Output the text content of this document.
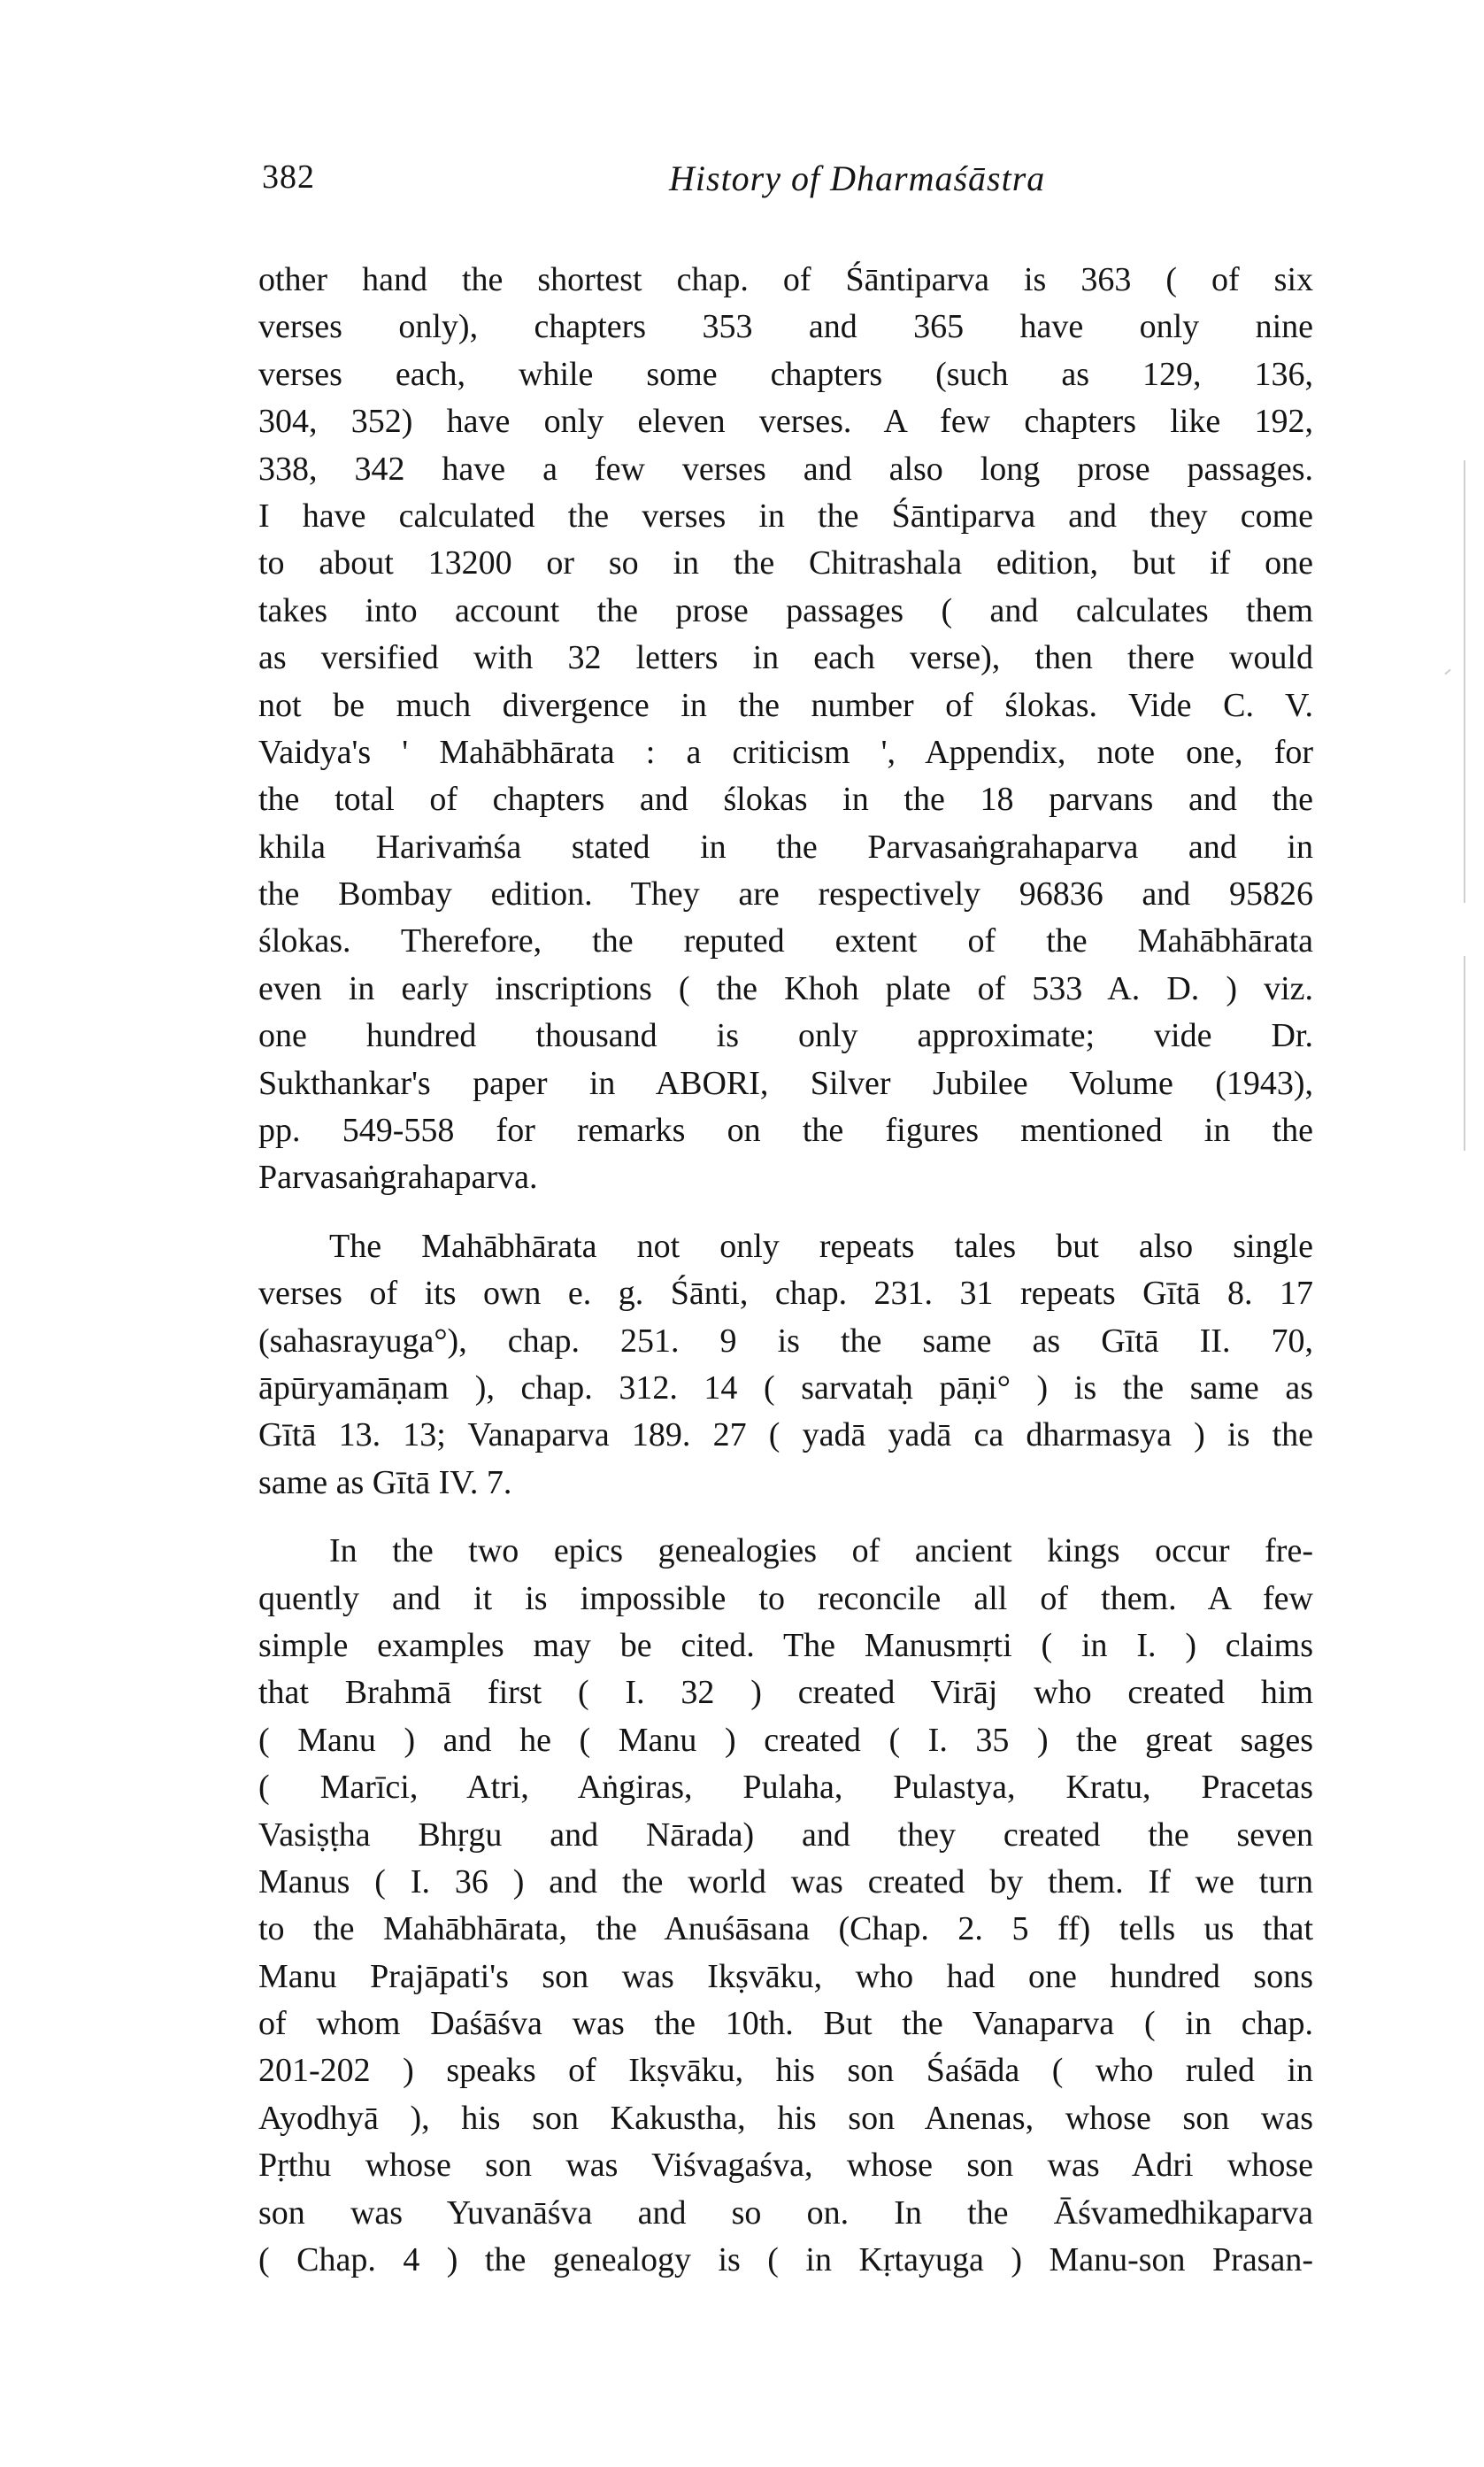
382	History of Dharmaśāstra
other hand the shortest chap. of Śāntiparva is 363 ( of six
verses only), chapters 353 and 365 have only nine
verses each, while some chapters (such as 129, 136,
304, 352) have only eleven verses. A few chapters like 192,
338, 342 have a few verses and also long prose passages.
I have calculated the verses in the Śāntiparva and they come
to about 13200 or so in the Chitrashala edition, but if one
takes into account the prose passages ( and calculates them
as versified with 32 letters in each verse), then there would
not be much divergence in the number of ślokas. Vide C. V.
Vaidya's ' Mahābhārata : a criticism ', Appendix, note one, for
the total of chapters and ślokas in the 18 parvans and the
khila Harivaṁśa stated in the Parvasaṅgrahaparva and in
the Bombay edition. They are respectively 96836 and 95826
ślokas. Therefore, the reputed extent of the Mahābhārata
even in early inscriptions ( the Khoh plate of 533 A. D. ) viz.
one hundred thousand is only approximate; vide Dr.
Sukthankar's paper in ABORI, Silver Jubilee Volume (1943),
pp. 549-558 for remarks on the figures mentioned in the
Parvasaṅgrahaparva.
The Mahābhārata not only repeats tales but also single
verses of its own e. g. Śānti, chap. 231. 31 repeats Gītā 8. 17
(sahasrayuga°), chap. 251. 9 is the same as Gītā II. 70,
āpūryamāṇam ), chap. 312. 14 ( sarvataḥ pāṇi° ) is the same as
Gītā 13. 13; Vanaparva 189. 27 ( yadā yadā ca dharmasya ) is the
same as Gītā IV. 7.
In the two epics genealogies of ancient kings occur fre-
quently and it is impossible to reconcile all of them. A few
simple examples may be cited. The Manusmṛti ( in I. ) claims
that Brahmā first ( I. 32 ) created Virāj who created him
( Manu ) and he ( Manu ) created ( I. 35 ) the great sages
( Marīci, Atri, Aṅgiras, Pulaha, Pulastya, Kratu, Pracetas
Vasiṣṭha Bhṛgu and Nārada) and they created the seven
Manus ( I. 36 ) and the world was created by them. If we turn
to the Mahābhārata, the Anuśāsana (Chap. 2. 5 ff) tells us that
Manu Prajāpati's son was Ikṣvāku, who had one hundred sons
of whom Daśāśva was the 10th. But the Vanaparva ( in chap.
201-202 ) speaks of Ikṣvāku, his son Śaśāda ( who ruled in
Ayodhyā ), his son Kakustha, his son Anenas, whose son was
Pṛthu whose son was Viśvagaśva, whose son was Adri whose
son was Yuvanāśva and so on. In the Āśvamedhikaparva
( Chap. 4 ) the genealogy is ( in Kṛtayuga ) Manu-son Prasan-
